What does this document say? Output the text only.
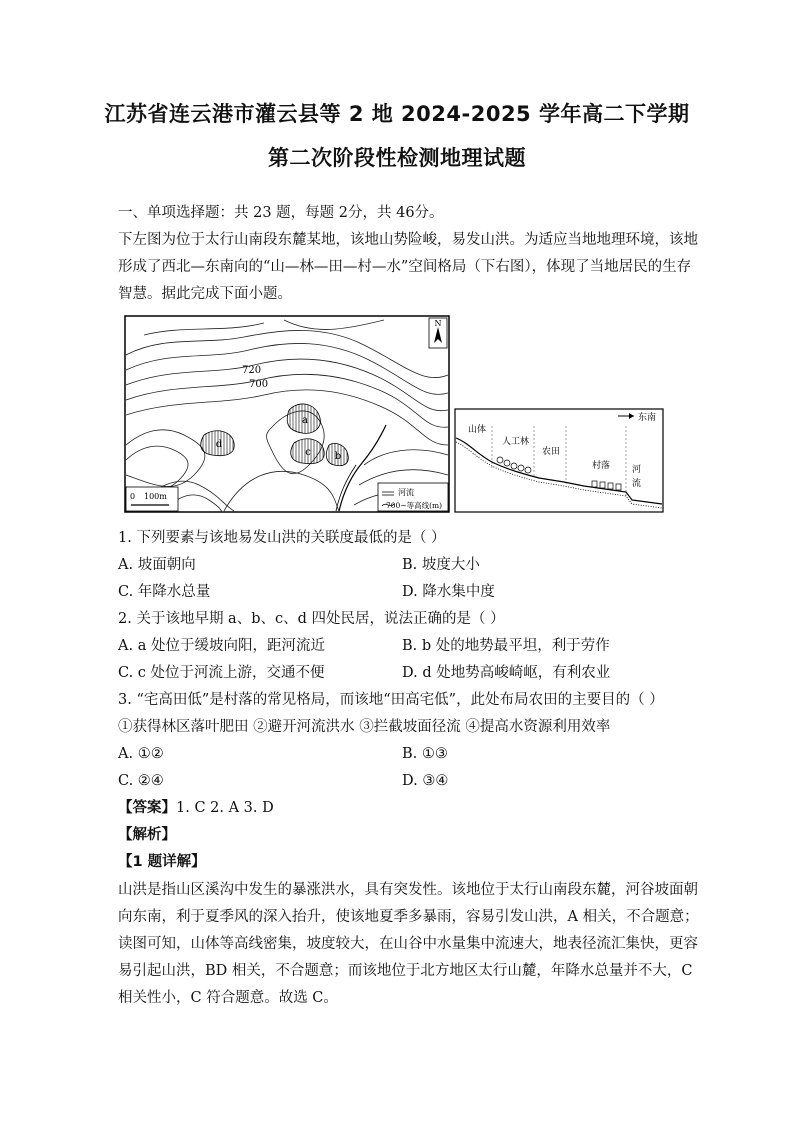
江苏省连云港市灌云县等 2 地 2024-2025 学年高二下学期
第二次阶段性检测地理试题
一、单项选择题：共 23 题，每题 2分，共 46分。
下左图为位于太行山南段东麓某地，该地山势险峻，易发山洪。为适应当地地理环境，该地
形成了西北—东南向的“山—林—田—村—水”空间格局（下右图），体现了当地居民的生存
智慧。据此完成下面小题。
a
b
c
d
720
700
N
0 100m	河流
700~等高线(m)
东南
山体
人工林
农田
村落 河
流
1. 下列要素与该地易发山洪的关联度最低的是（ ）
A. 坡面朝向	B. 坡度大小
C. 年降水总量	D. 降水集中度
2. 关于该地早期 a、b、c、d 四处民居，说法正确的是（ ）
A. a 处位于缓坡向阳，距河流近	B. b 处的地势最平坦，利于劳作
C. c 处位于河流上游，交通不便	D. d 处地势高峻崎岖，有利农业
3. “宅高田低”是村落的常见格局，而该地“田高宅低”，此处布局农田的主要目的（ ）
①获得林区落叶肥田 ②避开河流洪水 ③拦截坡面径流 ④提高水资源利用效率
A. ①②	B. ①③
C. ②④	D. ③④
【答案】1. C 2. A 3. D
【解析】
【1 题详解】
山洪是指山区溪沟中发生的暴涨洪水，具有突发性。该地位于太行山南段东麓，河谷坡面朝
向东南，利于夏季风的深入抬升，使该地夏季多暴雨，容易引发山洪，A 相关，不合题意；
读图可知，山体等高线密集，坡度较大，在山谷中水量集中流速大，地表径流汇集快，更容
易引起山洪，BD 相关，不合题意；而该地位于北方地区太行山麓，年降水总量并不大，C
相关性小，C 符合题意。故选 C。
